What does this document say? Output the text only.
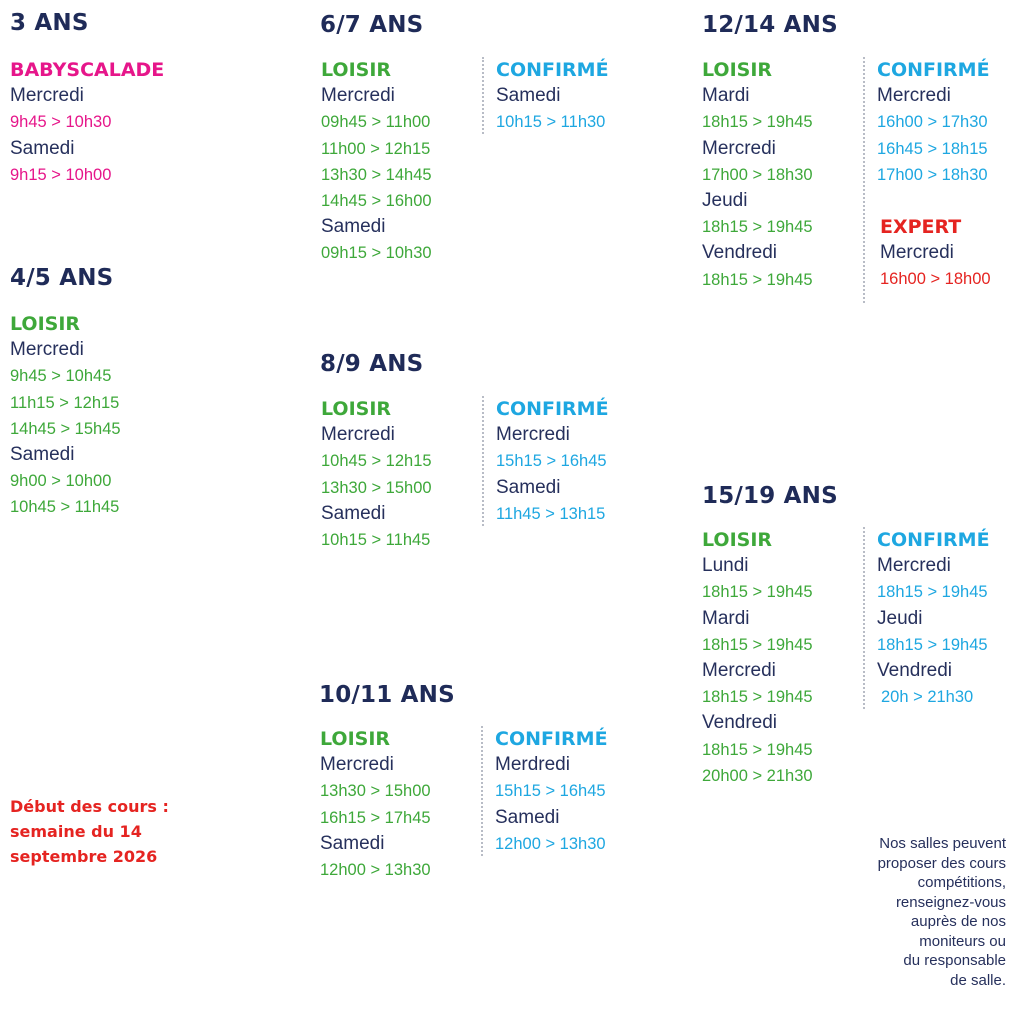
3 ANS
BABYSCALADE
Mercredi
9h45 > 10h30
Samedi
9h15 > 10h00
4/5 ANS
LOISIR
Mercredi
9h45 > 10h45
11h15 > 12h15
14h45 > 15h45
Samedi
9h00 > 10h00
10h45 > 11h45
6/7 ANS
LOISIR
Mercredi
09h45 > 11h00
11h00 > 12h15
13h30 > 14h45
14h45 > 16h00
Samedi
09h15 > 10h30
CONFIRMÉ
Samedi
10h15 > 11h30
8/9 ANS
LOISIR
Mercredi
10h45 > 12h15
13h30 > 15h00
Samedi
10h15 > 11h45
CONFIRMÉ
Mercredi
15h15 > 16h45
Samedi
11h45 > 13h15
10/11 ANS
LOISIR
Mercredi
13h30 > 15h00
16h15 > 17h45
Samedi
12h00 > 13h30
CONFIRMÉ
Merdredi
15h15 > 16h45
Samedi
12h00 > 13h30
12/14 ANS
LOISIR
Mardi
18h15 > 19h45
Mercredi
17h00 > 18h30
Jeudi
18h15 > 19h45
Vendredi
18h15 > 19h45
CONFIRMÉ
Mercredi
16h00 > 17h30
16h45 > 18h15
17h00 > 18h30
EXPERT
Mercredi
16h00 > 18h00
15/19 ANS
LOISIR
Lundi
18h15 > 19h45
Mardi
18h15 > 19h45
Mercredi
18h15 > 19h45
Vendredi
18h15 > 19h45
20h00 > 21h30
CONFIRMÉ
Mercredi
18h15 > 19h45
Jeudi
18h15 > 19h45
Vendredi
20h > 21h30
Début des cours :
semaine du 14
septembre 2026
Nos salles peuvent
proposer des cours
compétitions,
renseignez-vous
auprès de nos
moniteurs ou
du responsable
de salle.
